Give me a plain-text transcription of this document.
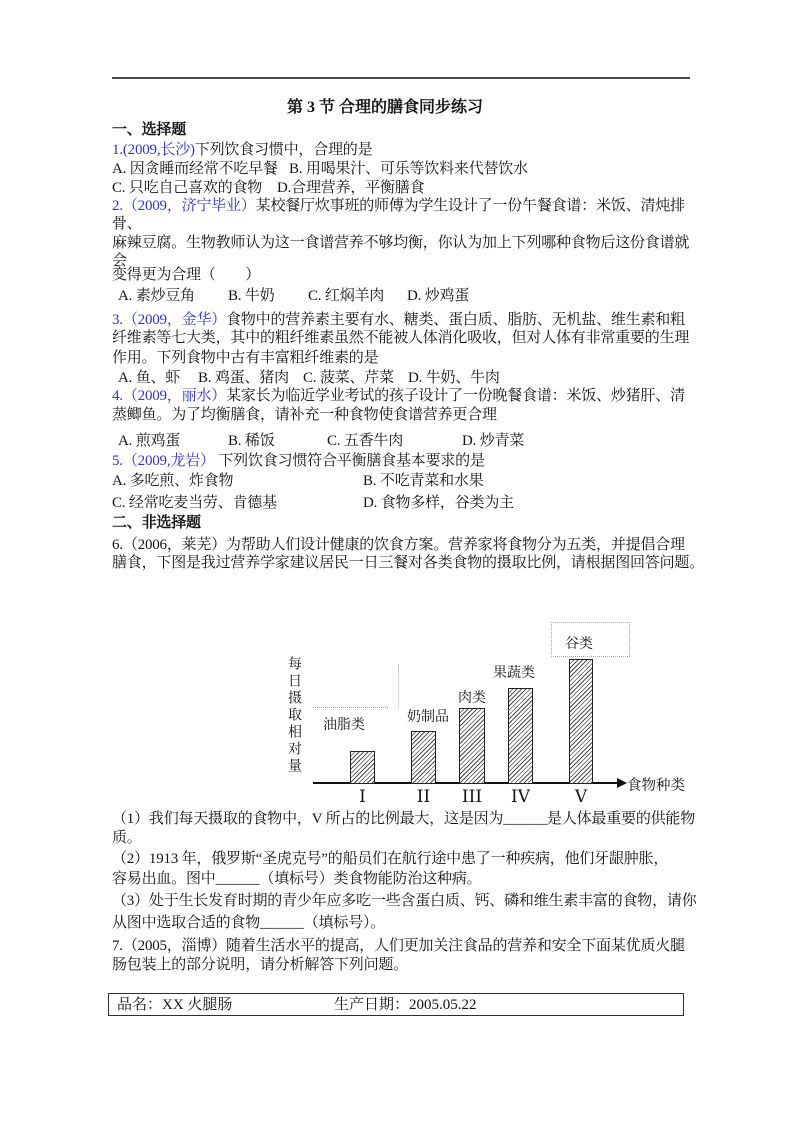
第 3 节 合理的膳食同步练习
一、选择题
1.(2009,长沙)下列饮食习惯中，合理的是
A. 因贪睡而经常不吃早餐 B. 用喝果汁、可乐等饮料来代替饮水
C. 只吃自己喜欢的食物 D.合理营养，平衡膳食
2.（2009，济宁毕业）某校餐厅炊事班的师傅为学生设计了一份午餐食谱：米饭、清炖排
骨、
麻辣豆腐。生物教师认为这一食谱营养不够均衡，你认为加上下列哪种食物后这份食谱就
会
变得更为合理（　　）
A. 素炒豆角 B. 牛奶 C. 红焖羊肉 D. 炒鸡蛋
3.（2009，金华）食物中的营养素主要有水、糖类、蛋白质、脂肪、无机盐、维生素和粗
纤维素等七大类，其中的粗纤维素虽然不能被人体消化吸收，但对人体有非常重要的生理
作用。下列食物中古有丰富粗纤维素的是
A. 鱼、虾 B. 鸡蛋、猪肉 C. 菠菜、芹菜 D. 牛奶、牛肉
4.（2009，丽水）某家长为临近学业考试的孩子设计了一份晚餐食谱：米饭、炒猪肝、清
蒸鲫鱼。为了均衡膳食，请补充一种食物使食谱营养更合理
A. 煎鸡蛋	B. 稀饭	C. 五香牛肉	D. 炒青菜
5.（2009,龙岩） 下列饮食习惯符合平衡膳食基本要求的是
A. 多吃煎、炸食物	B. 不吃青菜和水果
C. 经常吃麦当劳、肯德基	D. 食物多样，谷类为主
二、非选择题
6.（2006，莱芜）为帮助人们设计健康的饮食方案。营养家将食物分为五类，并提倡合理
膳食，下图是我过营养学家建议居民一日三餐对各类食物的摄取比例，请根据图回答问题。
每日摄取相对量
食物种类
油脂类
I
奶制品
II
肉类
III
果蔬类
IV
谷类
V
（1）我们每天摄取的食物中，V 所占的比例最大，这是因为______是人体最重要的供能物
质。
（2）1913 年，俄罗斯“圣虎克号”的船员们在航行途中患了一种疾病，他们牙龈肿胀，
容易出血。图中______（填标号）类食物能防治这种病。
（3）处于生长发育时期的青少年应多吃一些含蛋白质、钙、磷和维生素丰富的食物，请你
从图中选取合适的食物______（填标号）。
7.（2005，淄博）随着生活水平的提高，人们更加关注食品的营养和安全下面某优质火腿
肠包装上的部分说明，请分析解答下列问题。
品名：XX 火腿肠	生产日期：2005.05.22
